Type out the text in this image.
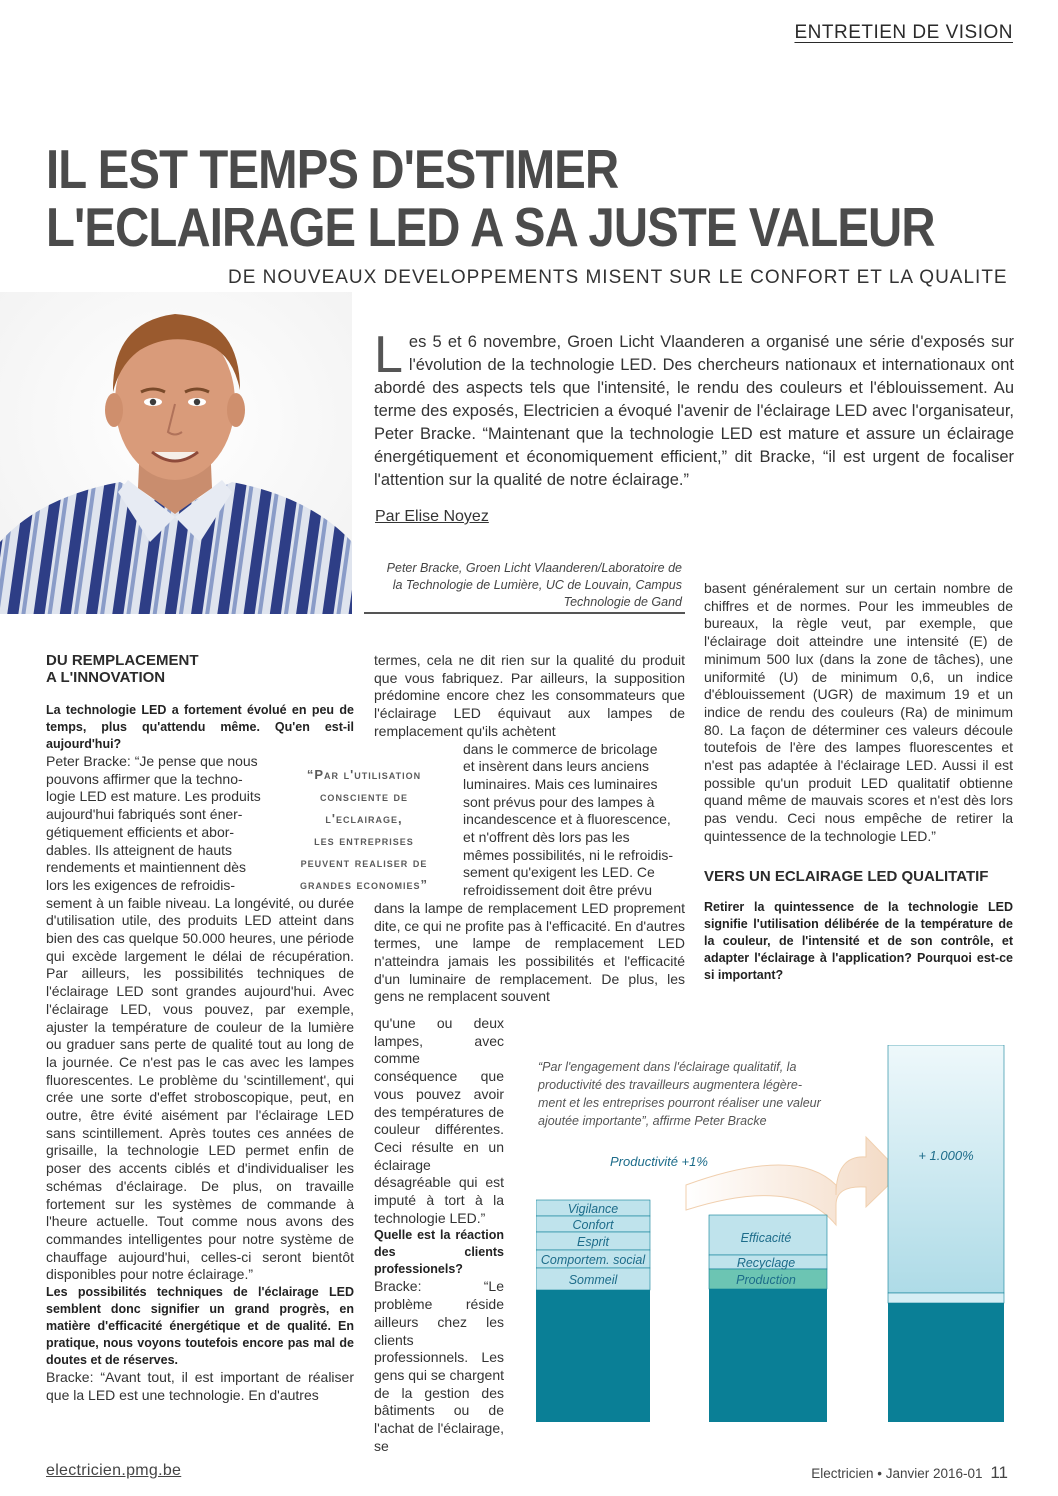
ENTRETIEN DE VISION
IL EST TEMPS D'ESTIMER
L'ECLAIRAGE LED A SA JUSTE VALEUR
DE NOUVEAUX DEVELOPPEMENTS MISENT SUR LE CONFORT ET LA QUALITE

Les 5 et 6 novembre, Groen Licht Vlaanderen a organisé une série d'exposés sur l'évolution de la technologie LED. Des chercheurs nationaux et internationaux ont abordé des aspects tels que l'intensité, le rendu des couleurs et l'éblouissement. Au terme des exposés, Electricien a évoqué l'avenir de l'éclairage LED avec l'organisateur, Peter Bracke. “Maintenant que la technologie LED est mature et assure un éclairage énergétiquement et économiquement efficient,” dit Bracke, “il est urgent de focaliser l'attention sur la qualité de notre éclairage.”

Par Elise Noyez
Peter Bracke, Groen Licht Vlaanderen/Laboratoire de
la Technologie de Lumière, UC de Louvain, Campus
Technologie de Gand
DU REMPLACEMENT
A L'INNOVATION

La technologie LED a fortement évolué en peu de temps, plus qu'attendu même. Qu'en est-il aujourd'hui?

Peter Bracke: “Je pense que nous
pouvons affirmer que la techno-
logie LED est mature. Les produits
aujourd'hui fabriqués sont éner-
gétiquement efficients et abor-
dables. Ils atteignent de hauts
rendements et maintiennent dès
lors les exigences de refroidis-

sement à un faible niveau. La longévité, ou durée d'utilisation utile, des produits LED atteint dans bien des cas quelque 50.000 heures, une période qui excède largement le délai de récupération. Par ailleurs, les possibilités techniques de l'éclairage LED sont grandes aujourd'hui. Avec l'éclairage LED, vous pouvez, par exemple, ajuster la température de couleur de la lumière ou graduer sans perte de qualité tout au long de la journée. Ce n'est pas le cas avec les lampes fluorescentes. Le problème du 'scintillement', qui crée une sorte d'effet stroboscopique, peut, en outre, être évité aisément par l'éclairage LED sans scintillement. Après toutes ces années de grisaille, la technologie LED permet enfin de poser des accents ciblés et d'individualiser les schémas d'éclairage. De plus, on travaille fortement sur les systèmes de commande à l'heure actuelle. Tout comme nous avons des commandes intelligentes pour notre système de chauffage aujourd'hui, celles-ci seront bientôt disponibles pour notre éclairage.”

Les possibilités techniques de l'éclairage LED semblent donc signifier un grand progrès, en matière d'efficacité énergétique et de qualité. En pratique, nous voyons toutefois encore pas mal de doutes et de réserves.

Bracke: “Avant tout, il est important de réaliser que la LED est une technologie. En d'autres

“Par l'utilisation
consciente de
l'eclairage,
les entreprises
peuvent realiser de
grandes economies”

termes, cela ne dit rien sur la qualité du produit que vous fabriquez. Par ailleurs, la supposition prédomine encore chez les consommateurs que l'éclairage LED équivaut aux lampes de remplacement qu'ils achètent

dans le commerce de bricolage
et insèrent dans leurs anciens
luminaires. Mais ces luminaires
sont prévus pour des lampes à
incandescence et à fluorescence,
et n'offrent dès lors pas les
mêmes possibilités, ni le refroidis-
sement qu'exigent les LED. Ce
refroidissement doit être prévu

dans la lampe de remplacement LED proprement dite, ce qui ne profite pas à l'efficacité. En d'autres termes, une lampe de remplacement LED n'atteindra jamais les possibilités et l'efficacité d'un luminaire de remplacement. De plus, les gens ne remplacent souvent

qu'une ou deux lampes, avec comme conséquence que vous pouvez avoir des températures de couleur différentes. Ceci résulte en un éclairage désagréable qui est imputé à tort à la technologie LED.”

Quelle est la réaction des clients professionels?

Bracke: “Le problème réside ailleurs chez les clients professionnels. Les gens qui se chargent de la gestion des bâtiments ou de l'achat de l'éclairage, se

basent généralement sur un certain nombre de chiffres et de normes. Pour les immeubles de bureaux, la règle veut, par exemple, que l'éclairage doit atteindre une intensité (E) de minimum 500 lux (dans la zone de tâches), une uniformité (U) de minimum 0,6, un indice d'éblouissement (UGR) de maximum 19 et un indice de rendu des couleurs (Ra) de minimum 80. La façon de déterminer ces valeurs découle toutefois de l'ère des lampes fluorescentes et n'est pas adaptée à l'éclairage LED. Aussi il est possible qu'un produit LED qualitatif obtienne quand même de mauvais scores et n'est dès lors pas vendu. Ceci nous empêche de retirer la quintessence de la technologie LED.”

VERS UN ECLAIRAGE LED QUALITATIF

Retirer la quintessence de la technologie LED signifie l'utilisation délibérée de la température de la couleur, de l'intensité et de son contrôle, et adapter l'éclairage à l'application? Pourquoi est-ce si important?

“Par l'engagement dans l'éclairage qualitatif, la
productivité des travailleurs augmentera légère-
ment et les entreprises pourront réaliser une valeur
ajoutée importante”, affirme Peter Bracke
Productivité +1%
Vigilance
Confort
Esprit
Comportem. social
Sommeil
HOMME
Efficacité
Recyclage
Production
ENVIRONNEM.
+ 1.000%
RENDEMENT
electricien.pmg.be	Electricien • Janvier 2016-01 11
